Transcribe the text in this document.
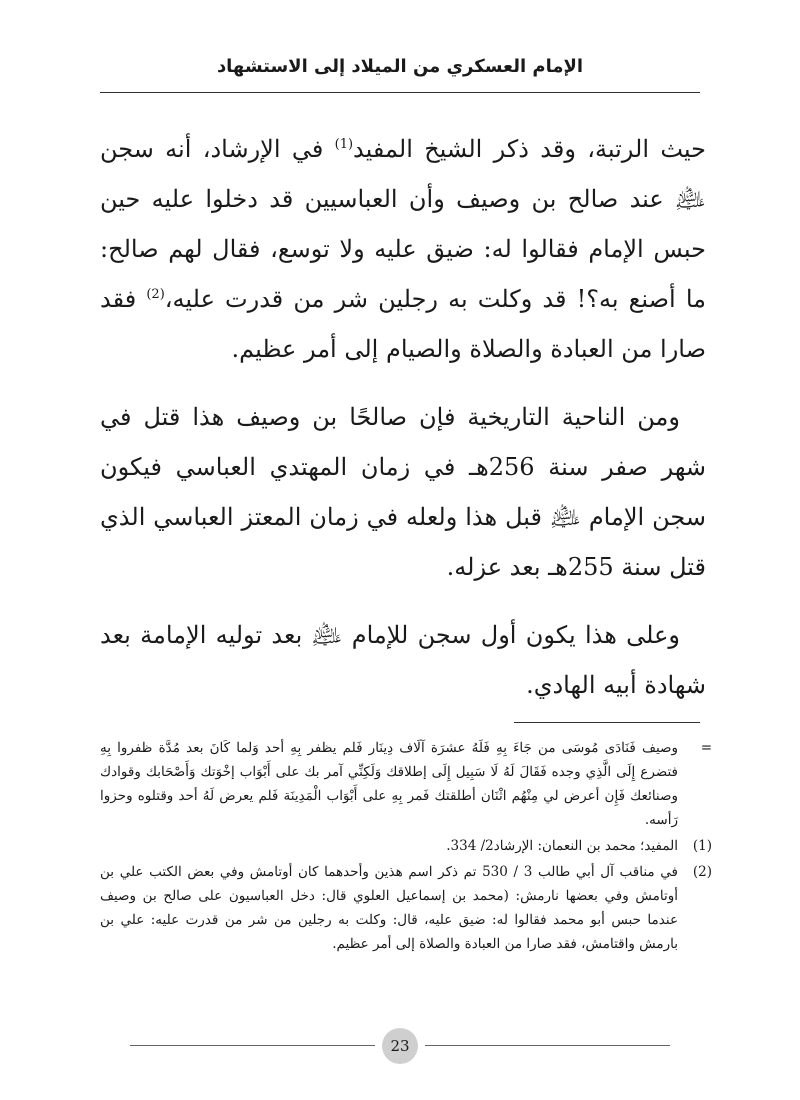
الإمام العسكري من الميلاد إلى الاستشهاد

حيث الرتبة، وقد ذكر الشيخ المفيد$^{(1)}$ في الإرشاد، أنه سجن ﵇ عند صالح بن وصيف وأن العباسيين قد دخلوا عليه حين حبس الإمام فقالوا له: ضيق عليه ولا توسع، فقال لهم صالح: ما أصنع به؟! قد وكلت به رجلين شر من قدرت عليه،$^{(2)}$ فقد صارا من العبادة والصلاة والصيام إلى أمر عظيم.

ومن الناحية التاريخية فإن صالحًا بن وصيف هذا قتل في شهر صفر سنة 256هـ في زمان المهتدي العباسي فيكون سجن الإمام ﵇ قبل هذا ولعله في زمان المعتز العباسي الذي قتل سنة 255هـ بعد عزله.

وعلى هذا يكون أول سجن للإمام ﵇ بعد توليه الإمامة بعد شهادة أبيه الهادي.

=
وصيف فَنَادَى مُوسَى من جَاءَ بِهِ فَلَهُ عشرَة آلَاف دِينَار فَلم يظفر بِهِ أحد وَلما كَانَ بعد مُدَّة ظفروا بِهِ فتضرع إِلَى الَّذِي وجده فَقَالَ لَهُ لَا سَبِيل إِلَى إطلاقك وَلَكِنِّي آمر بك على أَبْوَاب إخْوَتك وَأَصْحَابك وقوادك وصنائعك فَإِن أعرض لي مِنْهُم اثْنَان أطلقتك فَمر بِهِ على أَبْوَاب الْمَدِينَة فَلم يعرض لَهُ أحد وقتلوه وحزوا رَأسه.
(1)
المفيد؛ محمد بن النعمان: الإرشاد2/ 334.
(2)
في مناقب آل أبي طالب 3 / 530 تم ذكر اسم هذين وأحدهما كان أوتامش وفي بعض الكتب علي بن أوتامش وفي بعضها نارمش: (محمد بن إسماعيل العلوي قال: دخل العباسيون على صالح بن وصيف عندما حبس أبو محمد فقالوا له: ضيق عليه، قال: وكلت به رجلين من شر من قدرت عليه: علي بن بارمش واقتامش، فقد صارا من العبادة والصلاة إلى أمر عظيم.
23
